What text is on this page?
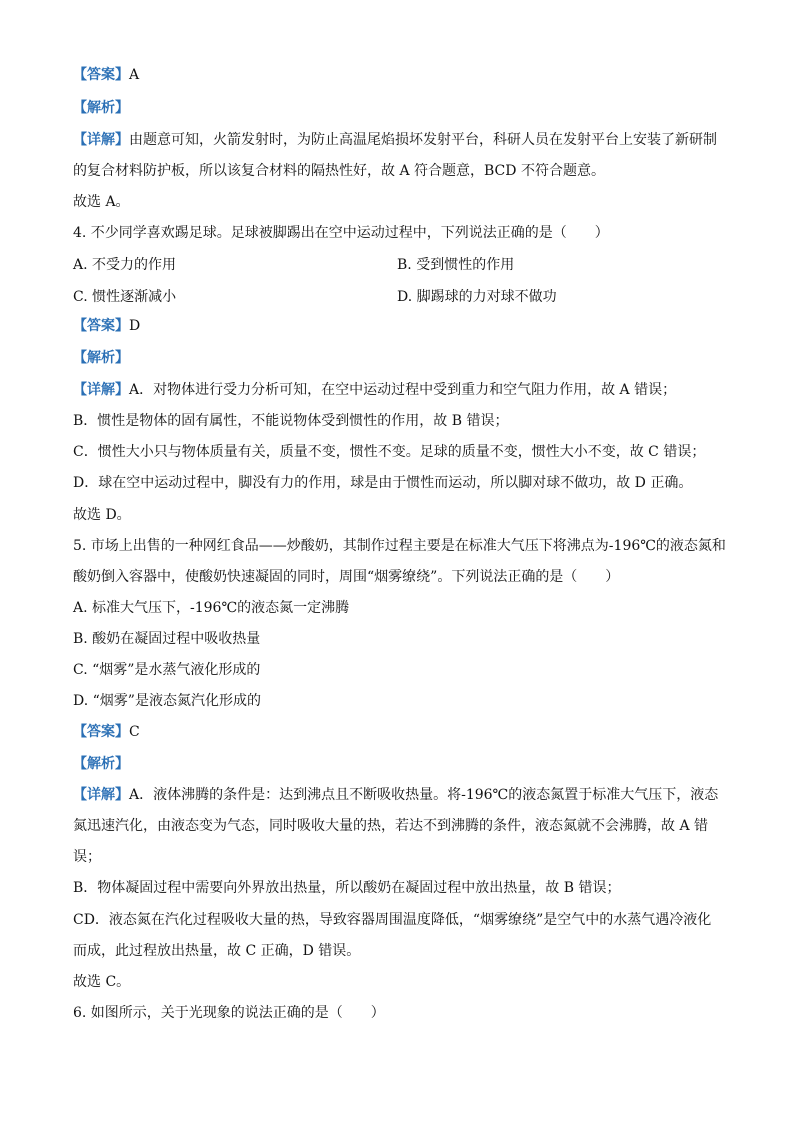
【答案】A
【解析】
【详解】由题意可知，火箭发射时，为防止高温尾焰损坏发射平台，科研人员在发射平台上安装了新研制
的复合材料防护板，所以该复合材料的隔热性好，故 A 符合题意，BCD 不符合题意。
故选 A。
4. 不少同学喜欢踢足球。足球被脚踢出在空中运动过程中，下列说法正确的是（　　）
A. 不受力的作用	B. 受到惯性的作用
C. 惯性逐渐减小	D. 脚踢球的力对球不做功
【答案】D
【解析】
【详解】A．对物体进行受力分析可知，在空中运动过程中受到重力和空气阻力作用，故 A 错误；
B．惯性是物体的固有属性，不能说物体受到惯性的作用，故 B 错误；
C．惯性大小只与物体质量有关，质量不变，惯性不变。足球的质量不变，惯性大小不变，故 C 错误；
D．球在空中运动过程中，脚没有力的作用，球是由于惯性而运动，所以脚对球不做功，故 D 正确。
故选 D。
5. 市场上出售的一种网红食品——炒酸奶，其制作过程主要是在标准大气压下将沸点为-196℃的液态氮和
酸奶倒入容器中，使酸奶快速凝固的同时，周围“烟雾缭绕”。下列说法正确的是（　　）
A. 标准大气压下，-196℃的液态氮一定沸腾
B. 酸奶在凝固过程中吸收热量
C. “烟雾”是水蒸气液化形成的
D. “烟雾”是液态氮汽化形成的
【答案】C
【解析】
【详解】A．液体沸腾的条件是：达到沸点且不断吸收热量。将-196℃的液态氮置于标准大气压下，液态
氮迅速汽化，由液态变为气态，同时吸收大量的热，若达不到沸腾的条件，液态氮就不会沸腾，故 A 错
误；
B．物体凝固过程中需要向外界放出热量，所以酸奶在凝固过程中放出热量，故 B 错误；
CD．液态氮在汽化过程吸收大量的热，导致容器周围温度降低，“烟雾缭绕”是空气中的水蒸气遇冷液化
而成，此过程放出热量，故 C 正确，D 错误。
故选 C。
6. 如图所示，关于光现象的说法正确的是（　　）
